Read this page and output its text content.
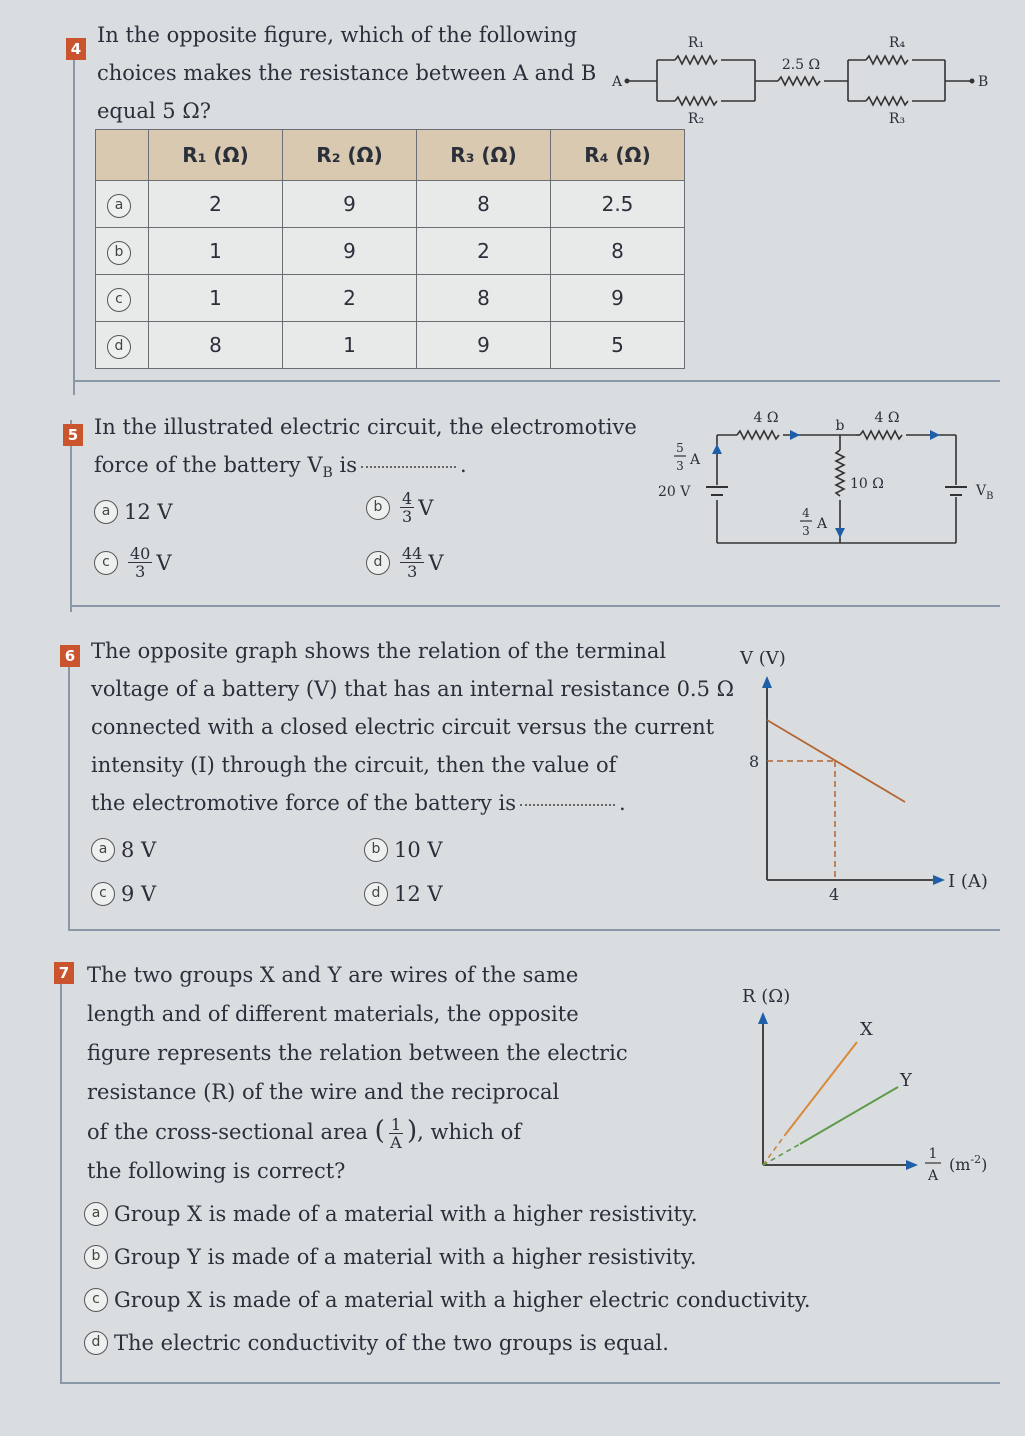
4
In the opposite figure, which of the following
choices makes the resistance between A and B
equal 5 Ω?
	R₁ (Ω)	R₂ (Ω)	R₃ (Ω)	R₄ (Ω)
a	2	9	8	2.5
b	1	9	2	8
c	1	2	8	9
d	8	1	9	5
A	B
R₁
R₂
2.5 Ω
R₄
R₃
5 In the illustrated electric circuit, the electromotive
force of the battery $V_B$ is	.
a 12 V	b	$\frac{4}{3}$ V
c	$\frac{40}{3}$ V	d	$\frac{44}{3}$ V
4 Ω	4 Ω
b
10 Ω
20 V
5
3 A
4
3 A
$V_B$
6 The opposite graph shows the relation of the terminal
voltage of a battery (V) that has an internal resistance 0.5 Ω
connected with a closed electric circuit versus the current
intensity (I) through the circuit, then the value of
the electromotive force of the battery is	.
a 8 V	b 10 V
c 9 V	d 12 V
V (V)
I (A)
8
4
7 The two groups X and Y are wires of the same
length and of different materials, the opposite
figure represents the relation between the electric
resistance (R) of the wire and the reciprocal
of the cross-sectional area ( $\frac{1}{A}$ ), which of
the following is correct?
a Group X is made of a material with a higher resistivity.
b Group Y is made of a material with a higher resistivity.
c Group X is made of a material with a higher electric conductivity.
d The electric conductivity of the two groups is equal.
R (Ω)
X
Y
1
A
$(m^{-2})$
